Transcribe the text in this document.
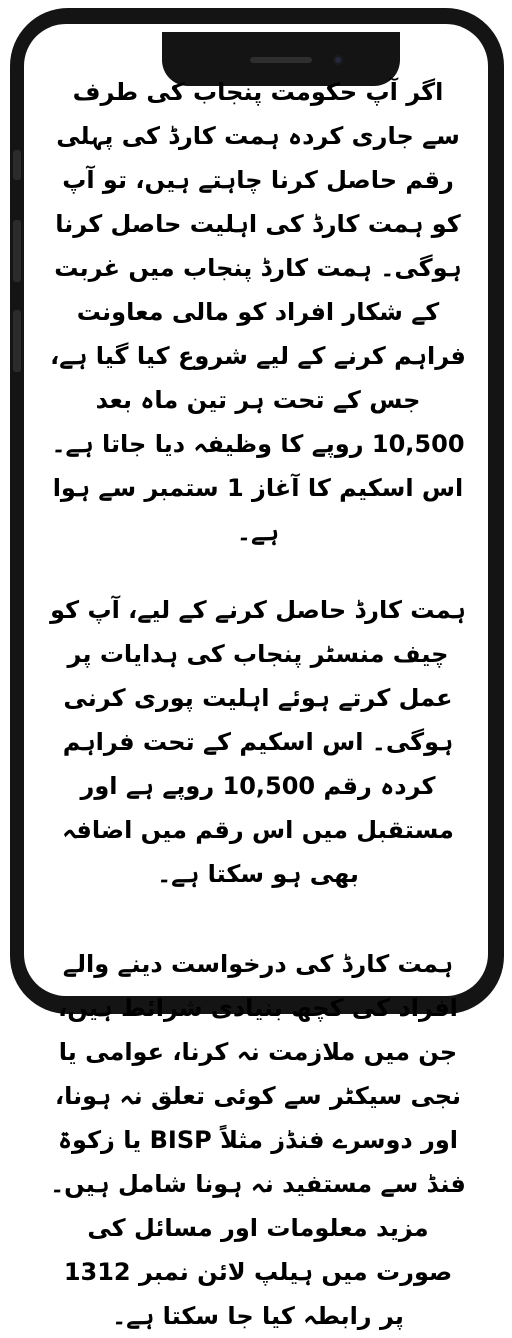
اگر آپ حکومت پنجاب کی طرف سے جاری کردہ ہمت کارڈ کی پہلی رقم حاصل کرنا چاہتے ہیں، تو آپ کو ہمت کارڈ کی اہلیت حاصل کرنا ہوگی۔ ہمت کارڈ پنجاب میں غربت کے شکار افراد کو مالی معاونت فراہم کرنے کے لیے شروع کیا گیا ہے، جس کے تحت ہر تین ماہ بعد 10,500 روپے کا وظیفہ دیا جاتا ہے۔ اس اسکیم کا آغاز 1 ستمبر سے ہوا ہے۔

ہمت کارڈ حاصل کرنے کے لیے، آپ کو چیف منسٹر پنجاب کی ہدایات پر عمل کرتے ہوئے اہلیت پوری کرنی ہوگی۔ اس اسکیم کے تحت فراہم کردہ رقم 10,500 روپے ہے اور مستقبل میں اس رقم میں اضافہ بھی ہو سکتا ہے۔

ہمت کارڈ کی درخواست دینے والے افراد کی کچھ بنیادی شرائط ہیں، جن میں ملازمت نہ کرنا، عوامی یا نجی سیکٹر سے کوئی تعلق نہ ہونا، اور دوسرے فنڈز مثلاً BISP یا زکوۃ فنڈ سے مستفید نہ ہونا شامل ہیں۔ مزید معلومات اور مسائل کی صورت میں ہیلپ لائن نمبر 1312 پر رابطہ کیا جا سکتا ہے۔
